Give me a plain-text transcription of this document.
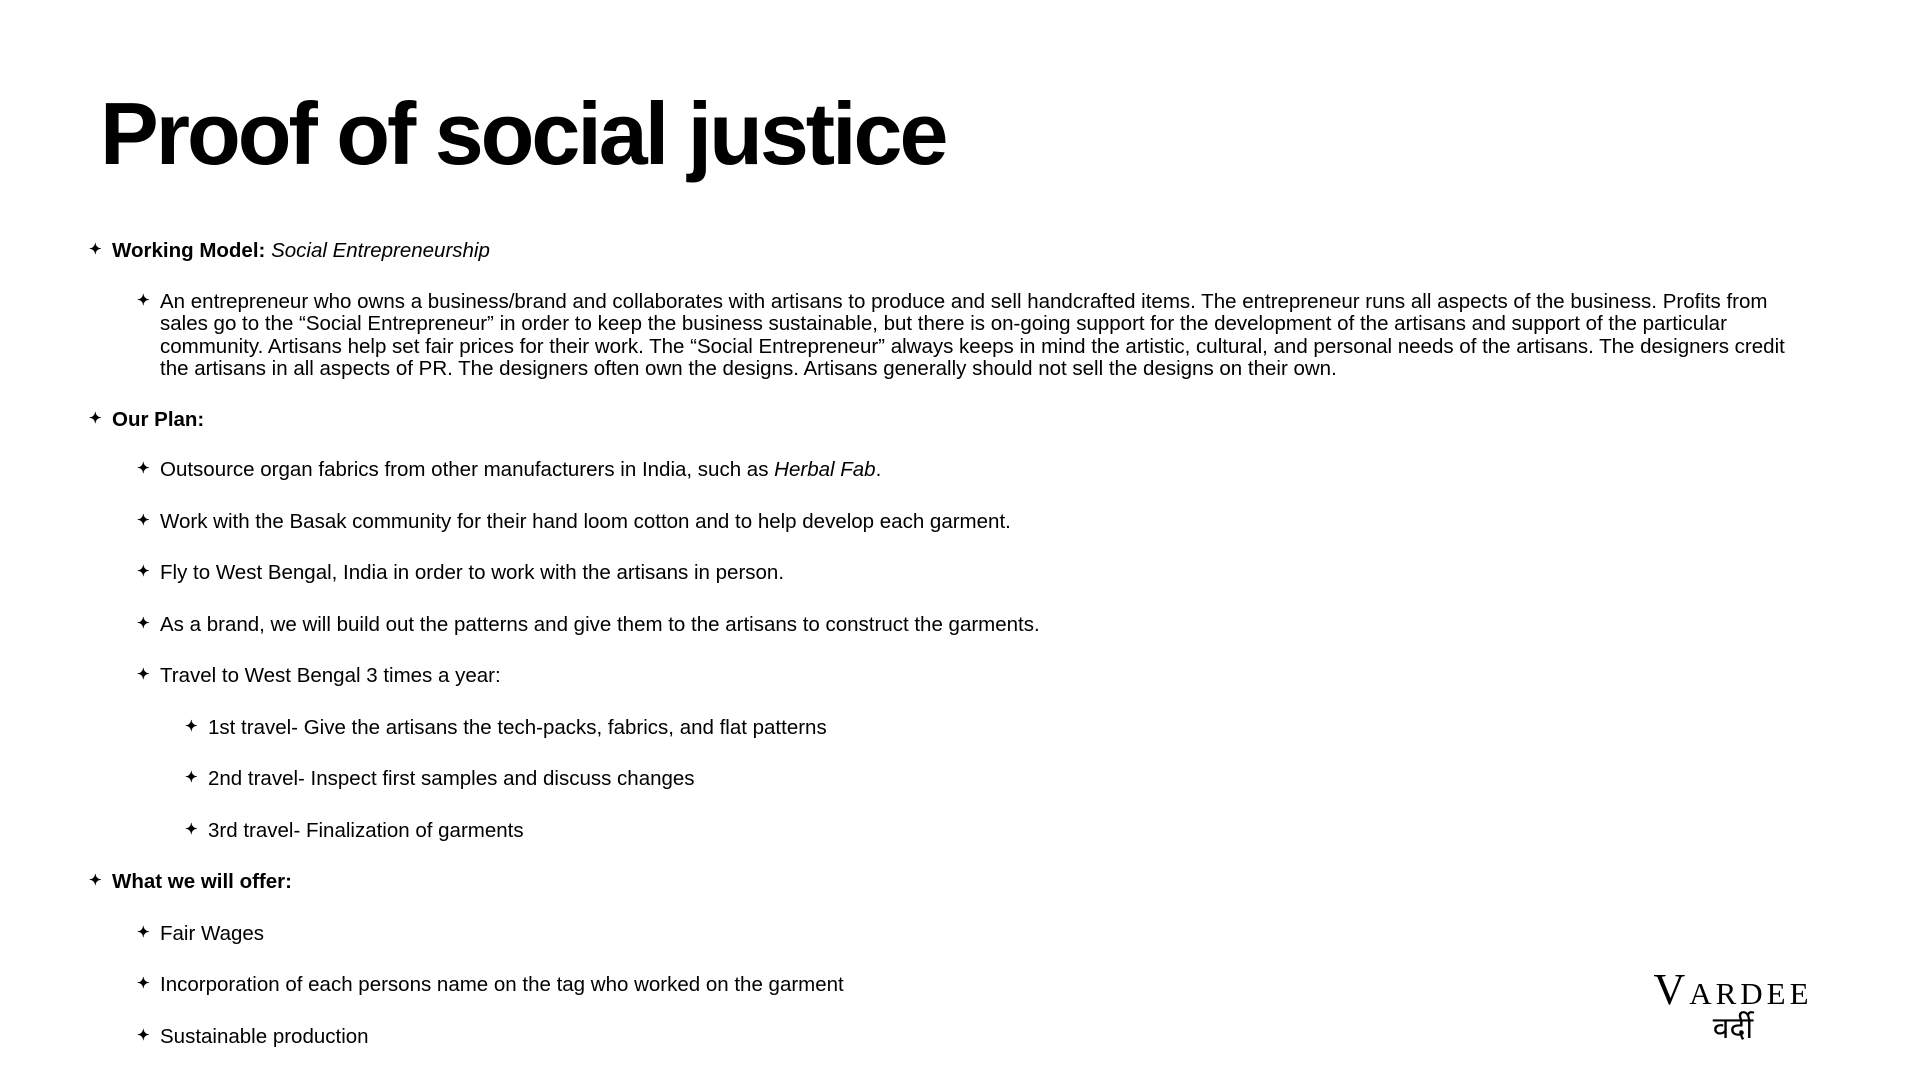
Proof of social justice
✦ Working Model: Social Entrepreneurship
✦ An entrepreneur who owns a business/brand and collaborates with artisans to produce and sell handcrafted items. The entrepreneur runs all aspects of the business. Profits from sales go to the “Social Entrepreneur” in order to keep the business sustainable, but there is on-going support for the development of the artisans and support of the particular community. Artisans help set fair prices for their work. The “Social Entrepreneur” always keeps in mind the artistic, cultural, and personal needs of the artisans. The designers credit the artisans in all aspects of PR. The designers often own the designs. Artisans generally should not sell the designs on their own.
✦ Our Plan:
✦ Outsource organ fabrics from other manufacturers in India, such as Herbal Fab.
✦ Work with the Basak community for their hand loom cotton and to help develop each garment.
✦ Fly to West Bengal, India in order to work with the artisans in person.
✦ As a brand, we will build out the patterns and give them to the artisans to construct the garments.
✦ Travel to West Bengal 3 times a year:
✦ 1st travel- Give the artisans the tech-packs, fabrics, and flat patterns
✦ 2nd travel- Inspect first samples and discuss changes
✦ 3rd travel- Finalization of garments
✦ What we will offer:
✦ Fair Wages
✦ Incorporation of each persons name on the tag who worked on the garment
✦ Sustainable production
Vardee
वर्दी
